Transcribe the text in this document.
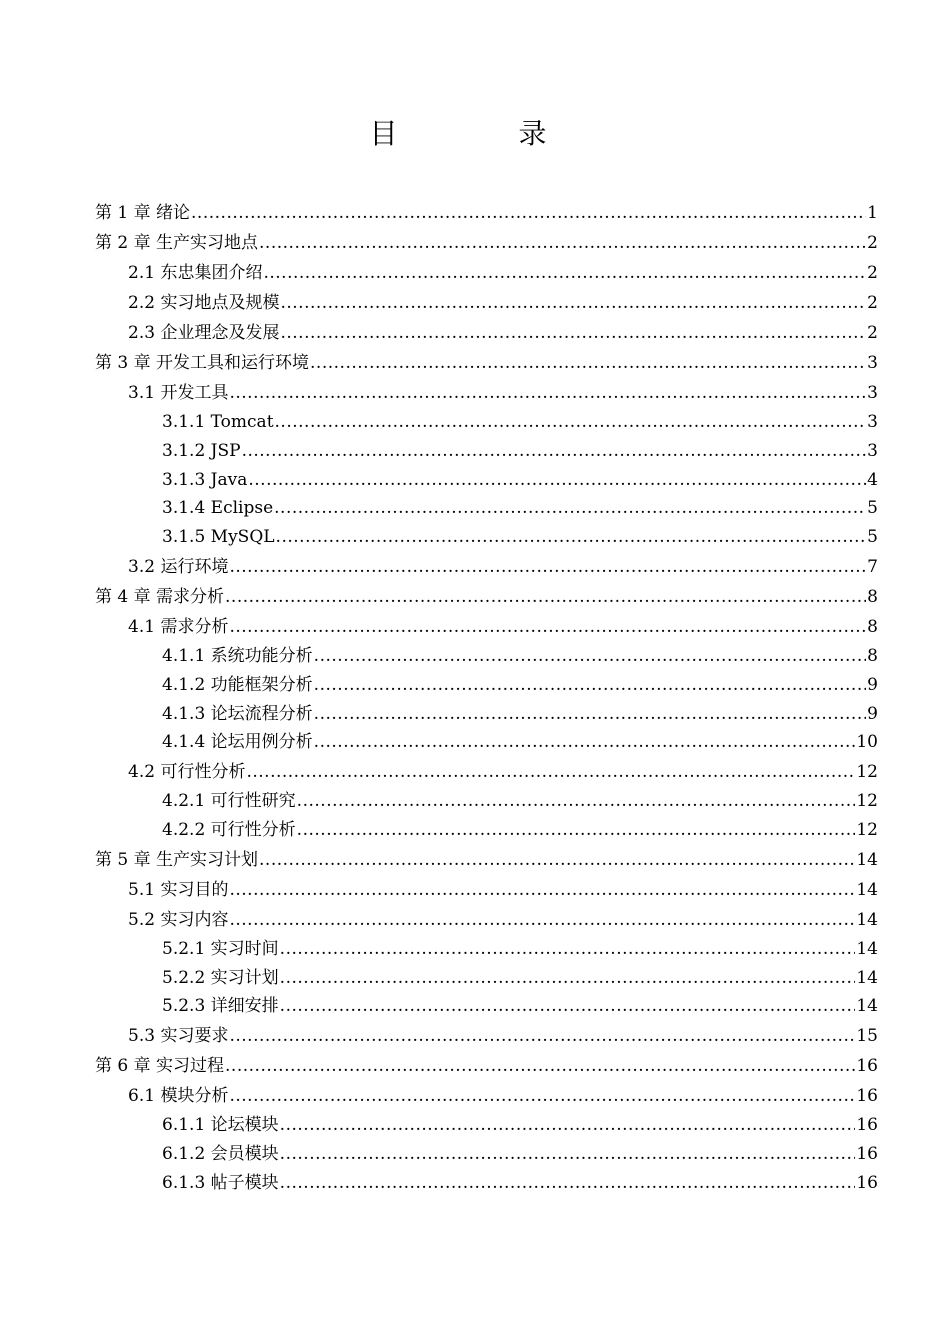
目 录
第 1 章 绪论 .....	1
第 2 章 生产实习地点 .....	2
2.1 东忠集团介绍 .....	2
2.2 实习地点及规模 .....	2
2.3 企业理念及发展 .....	2
第 3 章 开发工具和运行环境 .....	3
3.1 开发工具 .....	3
3.1.1 Tomcat .....	3
3.1.2 JSP .....	3
3.1.3 Java .....	4
3.1.4 Eclipse .....	5
3.1.5 MySQL .....	5
3.2 运行环境 .....	7
第 4 章 需求分析 .....	8
4.1 需求分析 .....	8
4.1.1 系统功能分析 .....	8
4.1.2 功能框架分析 .....	9
4.1.3 论坛流程分析 .....	9
4.1.4 论坛用例分析 .....	10
4.2 可行性分析 .....	12
4.2.1 可行性研究 .....	12
4.2.2 可行性分析 .....	12
第 5 章 生产实习计划 .....	14
5.1 实习目的 .....	14
5.2 实习内容 .....	14
5.2.1 实习时间 .....	14
5.2.2 实习计划 .....	14
5.2.3 详细安排 .....	14
5.3 实习要求 .....	15
第 6 章 实习过程 .....	16
6.1 模块分析 .....	16
6.1.1 论坛模块 .....	16
6.1.2 会员模块 .....	16
6.1.3 帖子模块 .....	16
